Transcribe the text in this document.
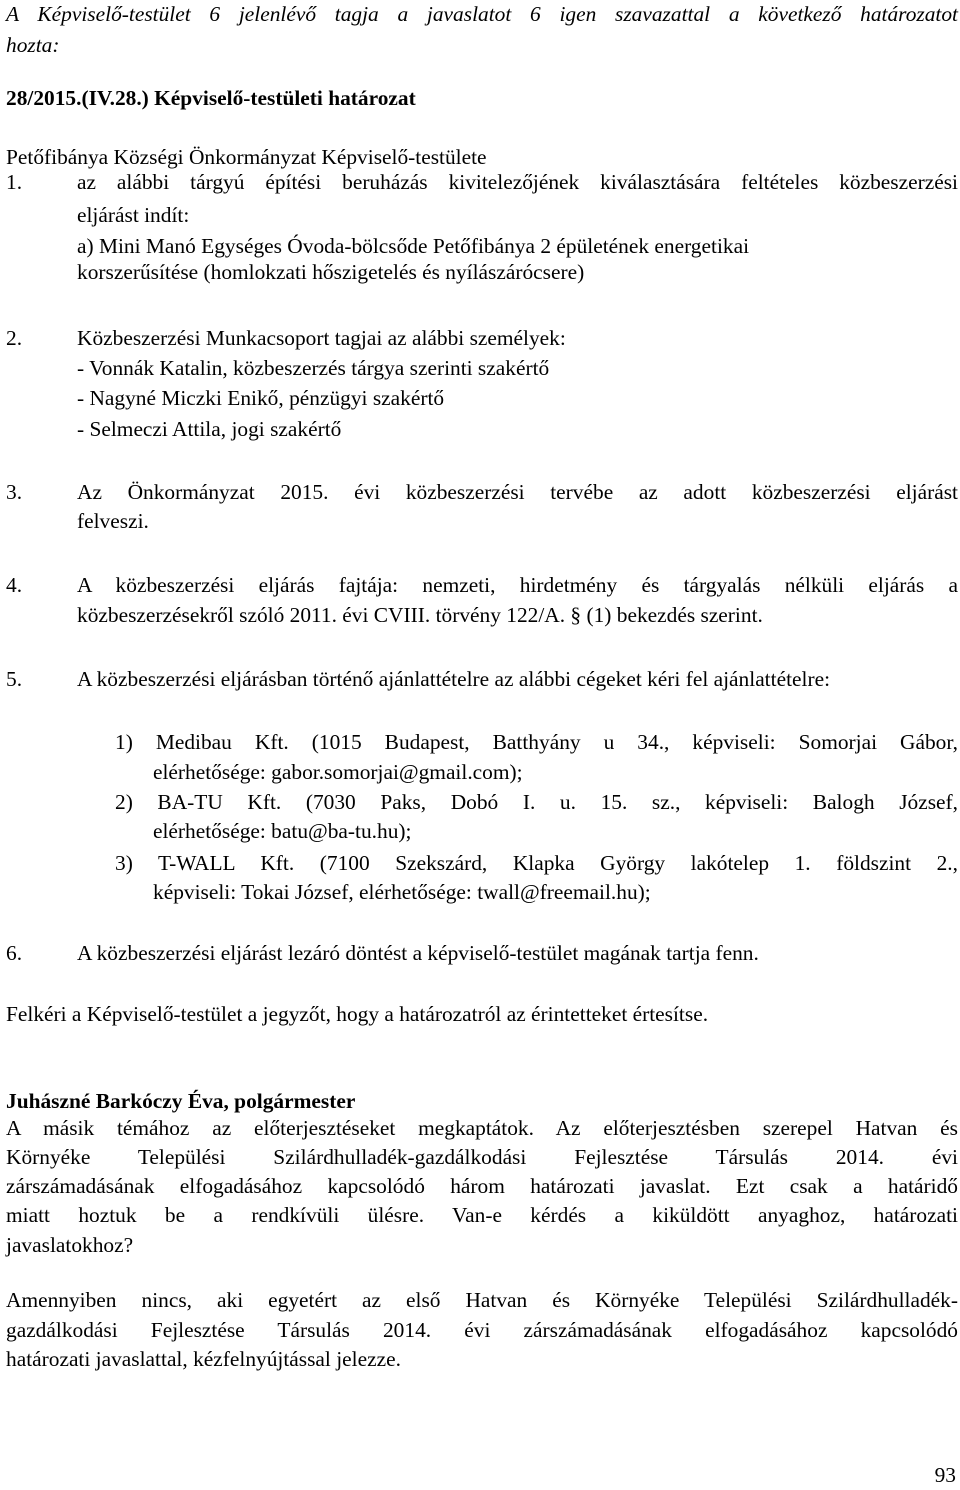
A Képviselő-testület 6 jelenlévő tagja a javaslatot 6 igen szavazattal a következő határozatot
hozta:
28/2015.(IV.28.) Képviselő-testületi határozat
Petőfibánya Községi Önkormányzat Képviselő-testülete
1.	az alábbi tárgyú építési beruházás kivitelezőjének kiválasztására feltételes közbeszerzési
eljárást indít:
a) Mini Manó Egységes Óvoda-bölcsőde Petőfibánya 2 épületének energetikai
korszerűsítése (homlokzati hőszigetelés és nyílászárócsere)
2.	Közbeszerzési Munkacsoport tagjai az alábbi személyek:
- Vonnák Katalin, közbeszerzés tárgya szerinti szakértő
- Nagyné Miczki Enikő, pénzügyi szakértő
- Selmeczi Attila, jogi szakértő
3.	Az Önkormányzat 2015. évi közbeszerzési tervébe az adott közbeszerzési eljárást
felveszi.
4.	A közbeszerzési eljárás fajtája: nemzeti, hirdetmény és tárgyalás nélküli eljárás a
közbeszerzésekről szóló 2011. évi CVIII. törvény 122/A. § (1) bekezdés szerint.
5.	A közbeszerzési eljárásban történő ajánlattételre az alábbi cégeket kéri fel ajánlattételre:
1) Medibau Kft. (1015 Budapest, Batthyány u 34., képviseli: Somorjai Gábor,
elérhetősége: gabor.somorjai@gmail.com);
2) BA-TU Kft. (7030 Paks, Dobó I. u. 15. sz., képviseli: Balogh József,
elérhetősége: batu@ba-tu.hu);
3) T-WALL Kft. (7100 Szekszárd, Klapka György lakótelep 1. földszint 2.,
képviseli: Tokai József, elérhetősége: twall@freemail.hu);
6.	A közbeszerzési eljárást lezáró döntést a képviselő-testület magának tartja fenn.
Felkéri a Képviselő-testület a jegyzőt, hogy a határozatról az érintetteket értesítse.
Juhászné Barkóczy Éva, polgármester
A másik témához az előterjesztéseket megkaptátok. Az előterjesztésben szerepel Hatvan és
Környéke Települési Szilárdhulladék-gazdálkodási Fejlesztése Társulás 2014. évi
zárszámadásának elfogadásához kapcsolódó három határozati javaslat. Ezt csak a határidő
miatt hoztuk be a rendkívüli ülésre. Van-e kérdés a kiküldött anyaghoz, határozati
javaslatokhoz?
Amennyiben nincs, aki egyetért az első Hatvan és Környéke Települési Szilárdhulladék-
gazdálkodási Fejlesztése Társulás 2014. évi zárszámadásának elfogadásához kapcsolódó
határozati javaslattal, kézfelnyújtással jelezze.
93
